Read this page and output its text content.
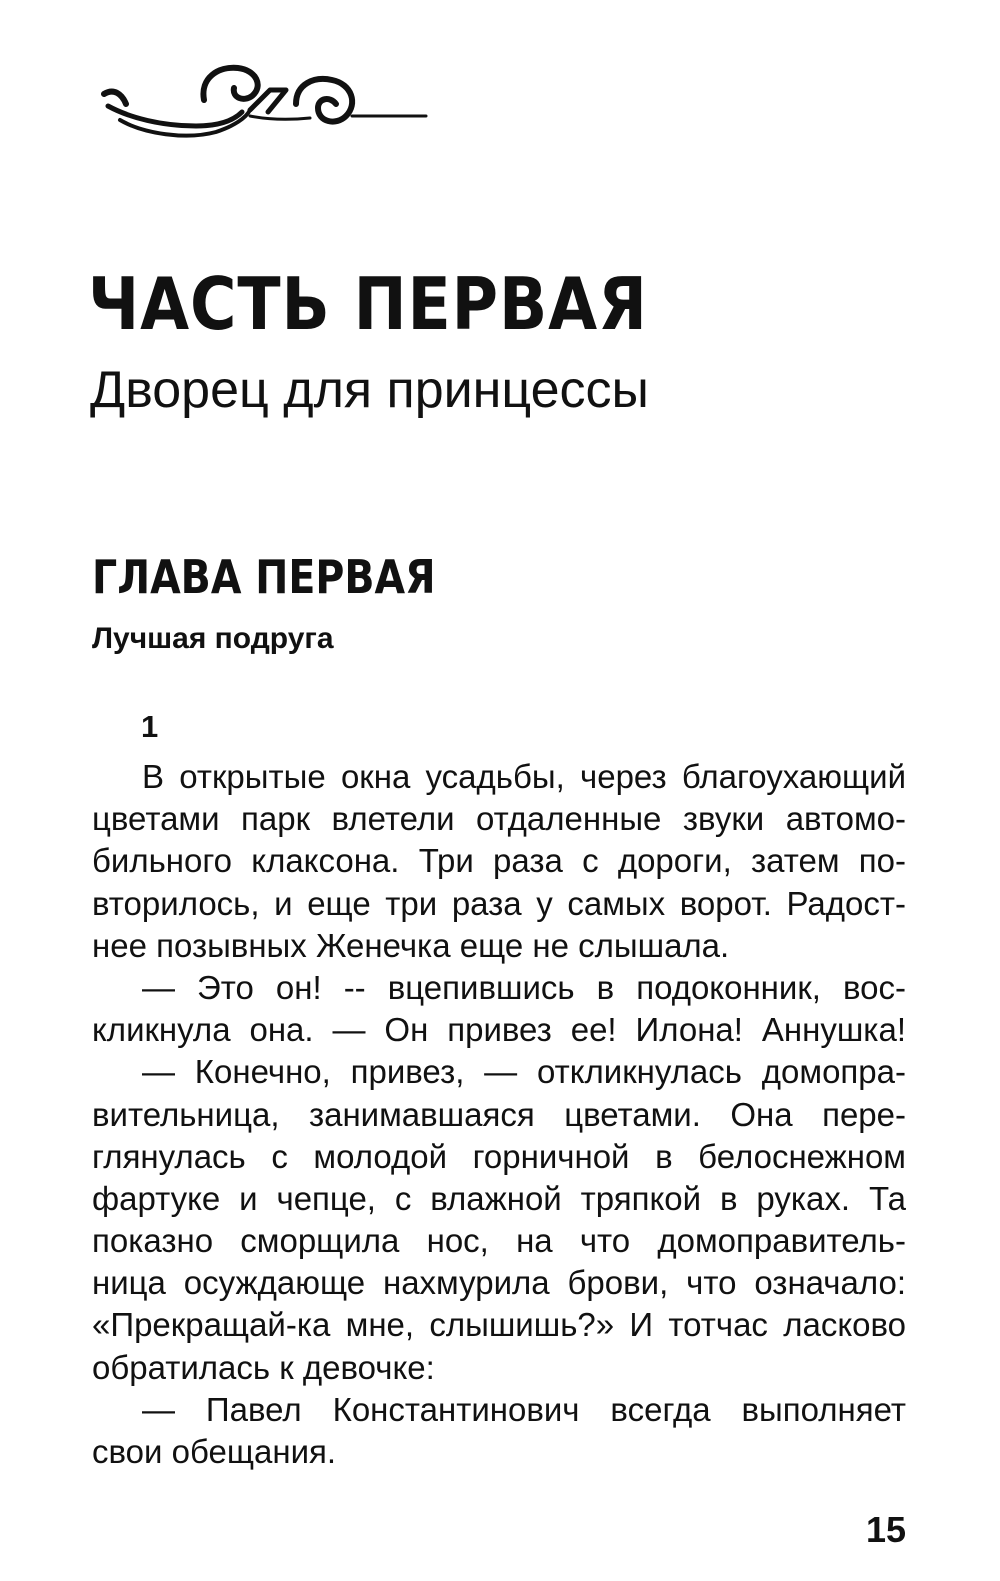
ЧАСТЬ ПЕРВАЯ
Дворец для принцессы
ГЛАВА ПЕРВАЯ
Лучшая подруга
1
В открытые окна усадьбы, через благоухающий
цветами парк влетели отдаленные звуки автомо-
бильного клаксона. Три раза с дороги, затем по-
вторилось, и еще три раза у самых ворот. Радост-
нее позывных Женечка еще не слышала.
— Это он! -- вцепившись в подоконник, вос-
кликнула она. — Он привез ее! Илона! Аннушка!
— Конечно, привез, — откликнулась домопра-
вительница, занимавшаяся цветами. Она пере-
глянулась с молодой горничной в белоснежном
фартуке и чепце, с влажной тряпкой в руках. Та
показно сморщила нос, на что домоправитель-
ница осуждающе нахмурила брови, что означало:
«Прекращай-ка мне, слышишь?» И тотчас ласково
обратилась к девочке:
— Павел Константинович всегда выполняет
свои обещания.
15
